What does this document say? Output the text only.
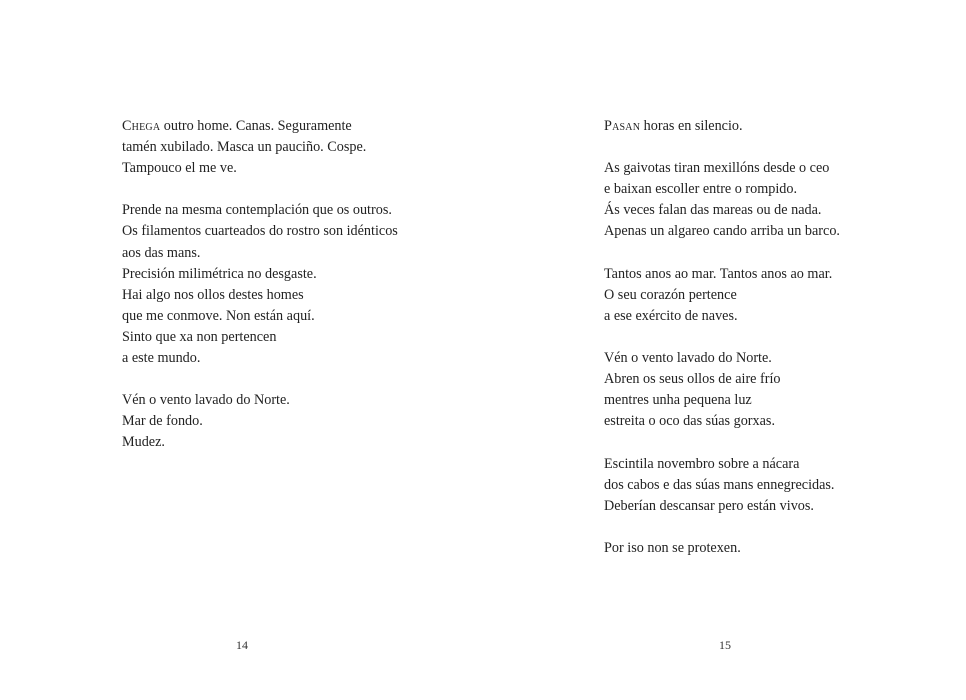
Chega outro home. Canas. Seguramente
tamén xubilado. Masca un pauciño. Cospe.
Tampouco el me ve.
Prende na mesma contemplación que os outros.
Os filamentos cuarteados do rostro son idénticos
aos das mans.
Precisión milimétrica no desgaste.
Hai algo nos ollos destes homes
que me conmove. Non están aquí.
Sinto que xa non pertencen
a este mundo.
Vén o vento lavado do Norte.
Mar de fondo.
Mudez.
14
Pasan horas en silencio.
As gaivotas tiran mexillóns desde o ceo
e baixan escoller entre o rompido.
Ás veces falan das mareas ou de nada.
Apenas un algareo cando arriba un barco.
Tantos anos ao mar. Tantos anos ao mar.
O seu corazón pertence
a ese exército de naves.
Vén o vento lavado do Norte.
Abren os seus ollos de aire frío
mentres unha pequena luz
estreita o oco das súas gorxas.
Escintila novembro sobre a nácara
dos cabos e das súas mans ennegrecidas.
Deberían descansar pero están vivos.
Por iso non se protexen.
15
